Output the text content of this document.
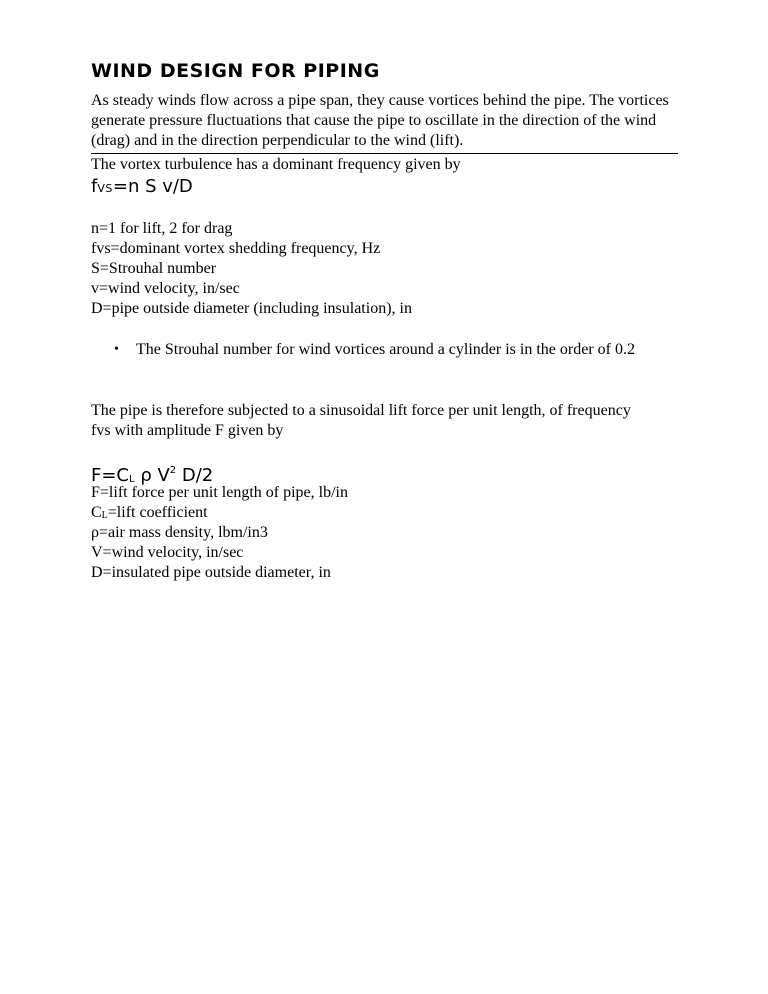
WIND DESIGN FOR PIPING

As steady winds flow across a pipe span, they cause vortices behind the pipe. The vortices generate pressure fluctuations that cause the pipe to oscillate in the direction of the wind (drag) and in the direction perpendicular to the wind (lift).

The vortex turbulence has a dominant frequency given by

fVS=n S v/D

n=1 for lift, 2 for drag

fvs=dominant vortex shedding frequency, Hz

S=Strouhal number

v=wind velocity, in/sec

D=pipe outside diameter (including insulation), in

• The Strouhal number for wind vortices around a cylinder is in the order of 0.2

The pipe is therefore subjected to a sinusoidal lift force per unit length, of frequency fvs with amplitude F given by

F=CL ρ $V^2$ D/2

F=lift force per unit length of pipe, lb/in

CL=lift coefficient

ρ=air mass density, lbm/in3

V=wind velocity, in/sec

D=insulated pipe outside diameter, in
